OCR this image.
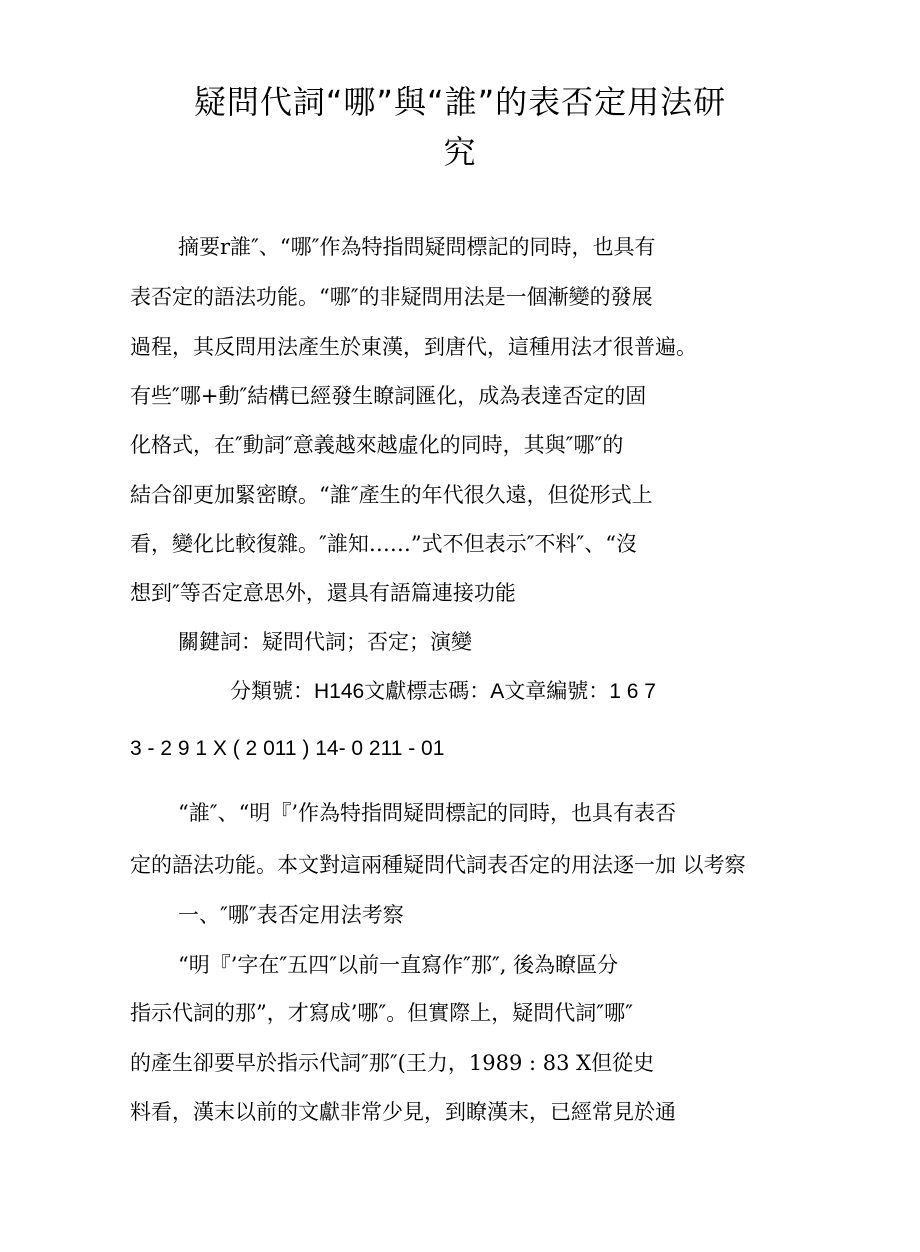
疑問代詞“哪”與“誰”的表否定用法研
究
摘要r誰″、“哪″作為特指問疑問標記的同時，也具有
表否定的語法功能。“哪″的非疑問用法是一個漸變的發展
過程，其反問用法產生於東漢，到唐代，這種用法才很普遍。
有些″哪+動″結構已經發生瞭詞匯化，成為表達否定的固
化格式，在″動詞″意義越來越虛化的同時，其與″哪″的
結合卻更加緊密瞭。“誰″產生的年代很久遠，但從形式上
看，變化比較復雜。″誰知……”式不但表示″不料″、“沒
想到″等否定意思外，還具有語篇連接功能
關鍵詞：疑問代詞；否定；演變
分類號：H146文獻標志碼：A文章編號：1 6 7
3 - 2 9 1 X ( 2 011 ) 14- 0 211 - 01
“誰″、“明『’作為特指問疑問標記的同時，也具有表否
定的語法功能。本文對這兩種疑問代詞表否定的用法逐一加 以考察
一、″哪″表否定用法考察
“明『’字在″五四″以前一直寫作″那″, 後為瞭區分
指示代詞的那”，才寫成’哪″。但實際上，疑問代詞″哪″
的產生卻要早於指示代詞″那″(王力，1989 : 83 X但從史
料看，漢末以前的文獻非常少見，到瞭漢末，已經常見於通
